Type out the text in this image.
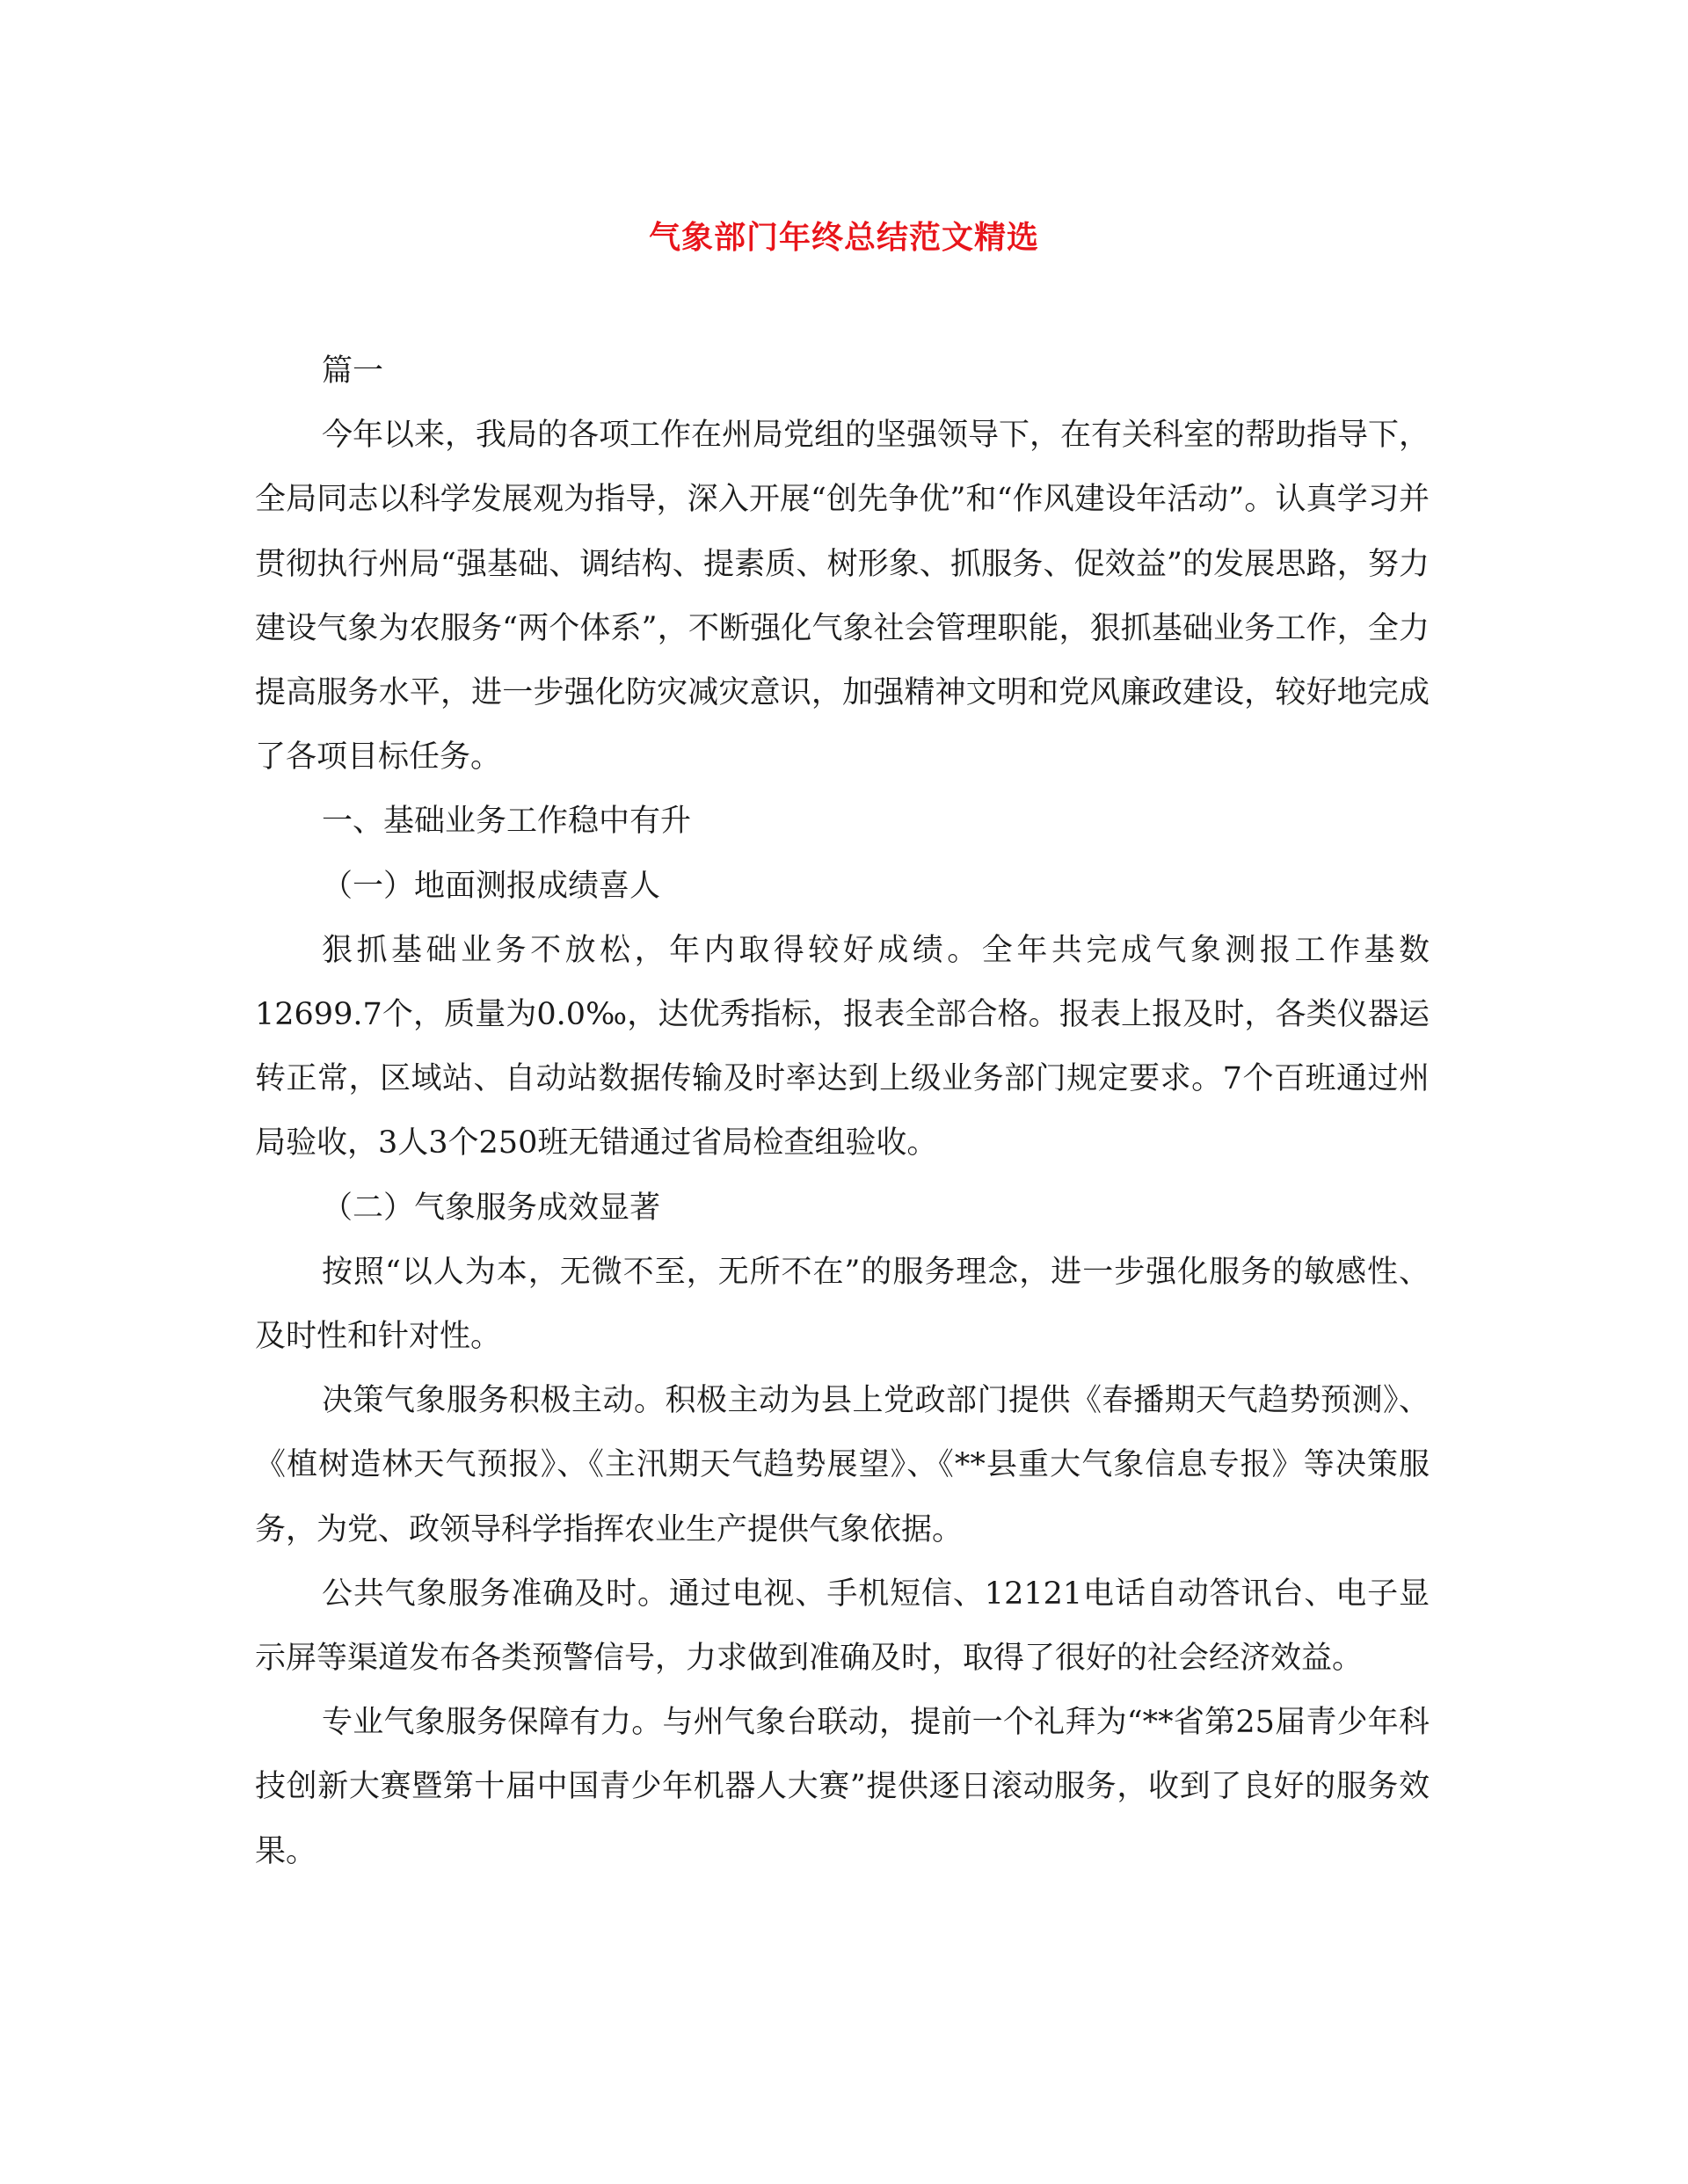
气象部门年终总结范文精选

篇一

今年以来，我局的各项工作在州局党组的坚强领导下，在有关科室的帮助指导下，全局同志以科学发展观为指导，深入开展“创先争优”和“作风建设年活动”。认真学习并贯彻执行州局“强基础、调结构、提素质、树形象、抓服务、促效益”的发展思路，努力建设气象为农服务“两个体系”，不断强化气象社会管理职能，狠抓基础业务工作，全力提高服务水平，进一步强化防灾减灾意识，加强精神文明和党风廉政建设，较好地完成了各项目标任务。

一、基础业务工作稳中有升

（一）地面测报成绩喜人

狠抓基础业务不放松，年内取得较好成绩。全年共完成气象测报工作基数12699.7个，质量为0.0‰，达优秀指标，报表全部合格。报表上报及时，各类仪器运转正常，区域站、自动站数据传输及时率达到上级业务部门规定要求。7个百班通过州局验收，3人3个250班无错通过省局检查组验收。

（二）气象服务成效显著

按照“以人为本，无微不至，无所不在”的服务理念，进一步强化服务的敏感性、及时性和针对性。

决策气象服务积极主动。积极主动为县上党政部门提供《春播期天气趋势预测》、《植树造林天气预报》、《主汛期天气趋势展望》、《**县重大气象信息专报》等决策服务，为党、政领导科学指挥农业生产提供气象依据。

公共气象服务准确及时。通过电视、手机短信、12121电话自动答讯台、电子显示屏等渠道发布各类预警信号，力求做到准确及时，取得了很好的社会经济效益。

专业气象服务保障有力。与州气象台联动，提前一个礼拜为“**省第25届青少年科技创新大赛暨第十届中国青少年机器人大赛”提供逐日滚动服务，收到了良好的服务效果。
